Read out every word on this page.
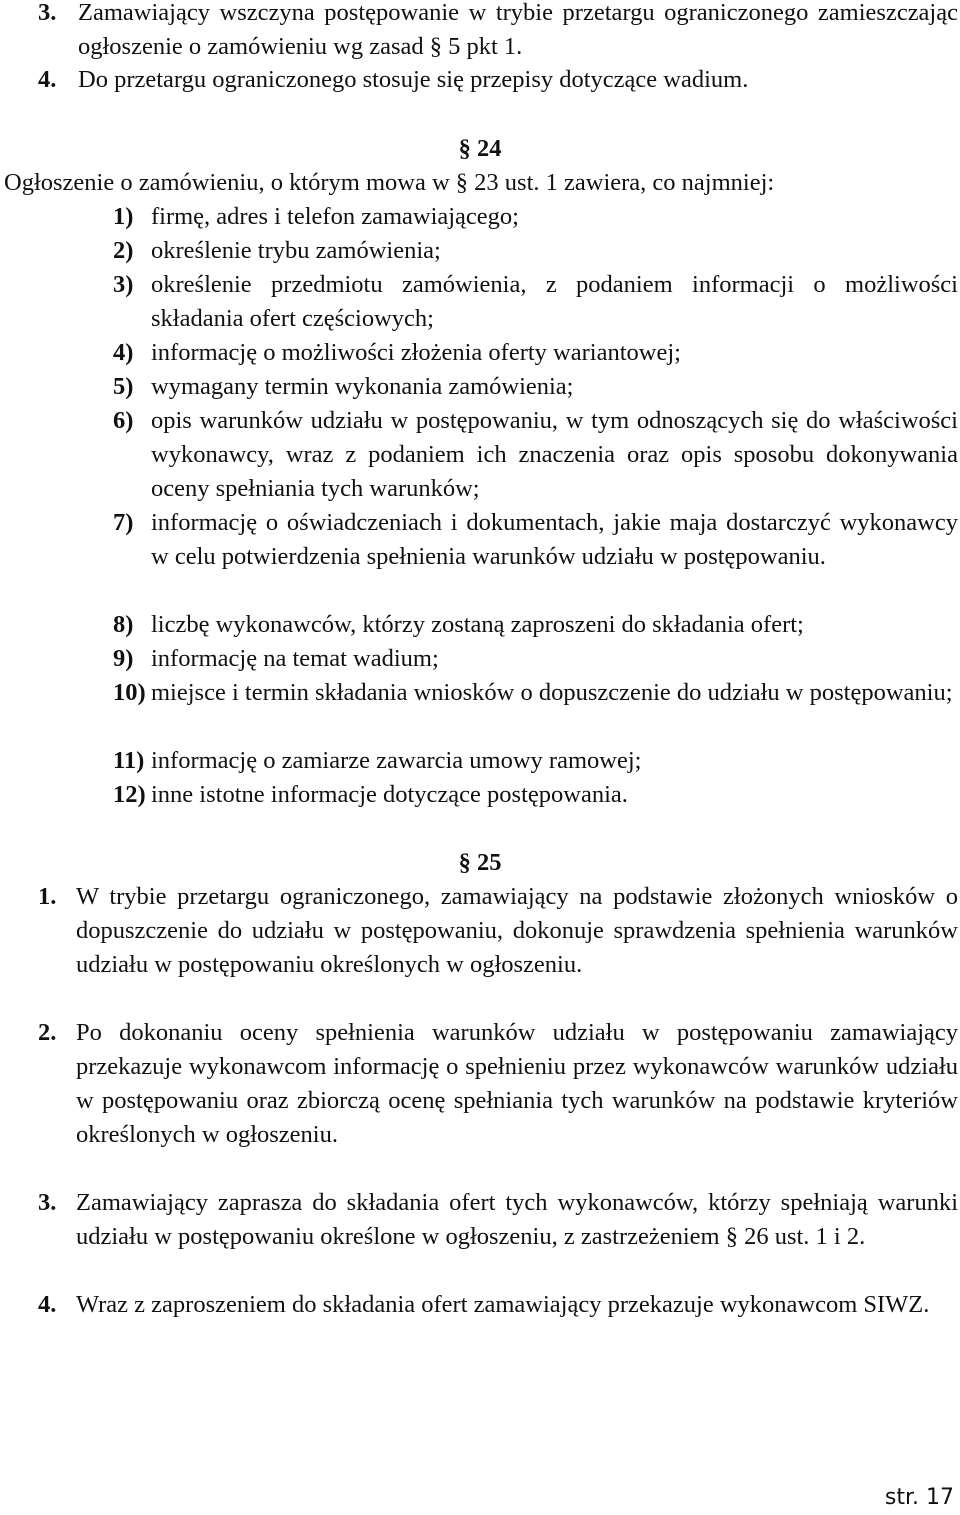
3. Zamawiający wszczyna postępowanie w trybie przetargu ograniczonego zamieszczając ogłoszenie o zamówieniu wg zasad § 5 pkt 1.
4. Do przetargu ograniczonego stosuje się przepisy dotyczące wadium.
§ 24
Ogłoszenie o zamówieniu, o którym mowa w § 23 ust. 1 zawiera, co najmniej:
1) firmę, adres i telefon zamawiającego;
2) określenie trybu zamówienia;
3) określenie przedmiotu zamówienia, z podaniem informacji o możliwości składania ofert częściowych;
4) informację o możliwości złożenia oferty wariantowej;
5) wymagany termin wykonania zamówienia;
6) opis warunków udziału w postępowaniu, w tym odnoszących się do właściwości wykonawcy, wraz z podaniem ich znaczenia oraz opis sposobu dokonywania oceny spełniania tych warunków;
7) informację o oświadczeniach i dokumentach, jakie maja dostarczyć wykonawcy w celu potwierdzenia spełnienia warunków udziału w postępowaniu.
8) liczbę wykonawców, którzy zostaną zaproszeni do składania ofert;
9) informację na temat wadium;
10) miejsce i termin składania wniosków o dopuszczenie do udziału w postępowaniu;
11) informację o zamiarze zawarcia umowy ramowej;
12) inne istotne informacje dotyczące postępowania.
§ 25
1. W trybie przetargu ograniczonego, zamawiający na podstawie złożonych wniosków o dopuszczenie do udziału w postępowaniu, dokonuje sprawdzenia spełnienia warunków udziału w postępowaniu określonych w ogłoszeniu.
2. Po dokonaniu oceny spełnienia warunków udziału w postępowaniu zamawiający przekazuje wykonawcom informację o spełnieniu przez wykonawców warunków udziału w postępowaniu oraz zbiorczą ocenę spełniania tych warunków na podstawie kryteriów określonych w ogłoszeniu.
3. Zamawiający zaprasza do składania ofert tych wykonawców, którzy spełniają warunki udziału w postępowaniu określone w ogłoszeniu, z zastrzeżeniem § 26 ust. 1 i 2.
4. Wraz z zaproszeniem do składania ofert zamawiający przekazuje wykonawcom SIWZ.
str. 17
